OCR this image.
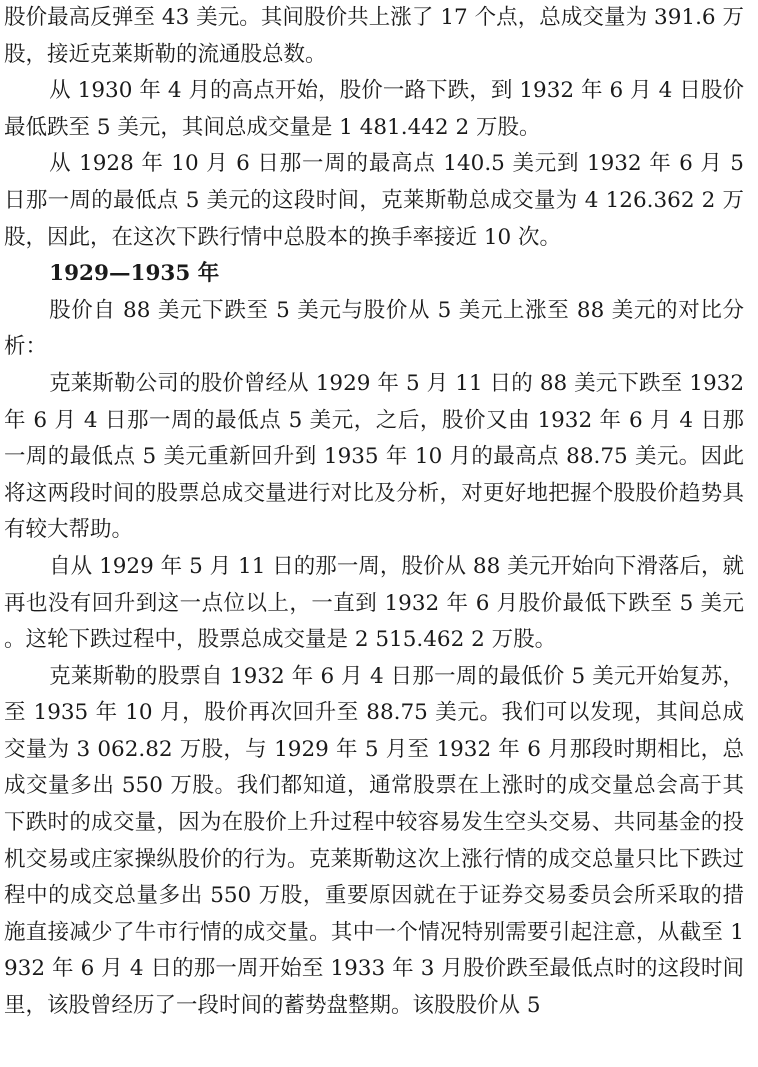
股价最高反弹至 43 美元。其间股价共上涨了 17 个点，总成交量为 391.6 万股，接近克莱斯勒的流通股总数。

从 1930 年 4 月的高点开始，股价一路下跌，到 1932 年 6 月 4 日股价最低跌至 5 美元，其间总成交量是 1 481.442 2 万股。

从 1928 年 10 月 6 日那一周的最高点 140.5 美元到 1932 年 6 月 5 日那一周的最低点 5 美元的这段时间，克莱斯勒总成交量为 4 126.362 2 万股，因此，在这次下跌行情中总股本的换手率接近 10 次。

1929—1935 年

股价自 88 美元下跌至 5 美元与股价从 5 美元上涨至 88 美元的对比分析：

克莱斯勒公司的股价曾经从 1929 年 5 月 11 日的 88 美元下跌至 1932 年 6 月 4 日那一周的最低点 5 美元，之后，股价又由 1932 年 6 月 4 日那一周的最低点 5 美元重新回升到 1935 年 10 月的最高点 88.75 美元。因此将这两段时间的股票总成交量进行对比及分析，对更好地把握个股股价趋势具有较大帮助。

自从 1929 年 5 月 11 日的那一周，股价从 88 美元开始向下滑落后，就再也没有回升到这一点位以上，一直到 1932 年 6 月股价最低下跌至 5 美元。这轮下跌过程中，股票总成交量是 2 515.462 2 万股。

克莱斯勒的股票自 1932 年 6 月 4 日那一周的最低价 5 美元开始复苏，至 1935 年 10 月，股价再次回升至 88.75 美元。我们可以发现，其间总成交量为 3 062.82 万股，与 1929 年 5 月至 1932 年 6 月那段时期相比，总成交量多出 550 万股。我们都知道，通常股票在上涨时的成交量总会高于其下跌时的成交量，因为在股价上升过程中较容易发生空头交易、共同基金的投机交易或庄家操纵股价的行为。克莱斯勒这次上涨行情的成交总量只比下跌过程中的成交总量多出 550 万股，重要原因就在于证券交易委员会所采取的措施直接减少了牛市行情的成交量。其中一个情况特别需要引起注意，从截至 1932 年 6 月 4 日的那一周开始至 1933 年 3 月股价跌至最低点时的这段时间里，该股曾经历了一段时间的蓄势盘整期。该股股价从 5
